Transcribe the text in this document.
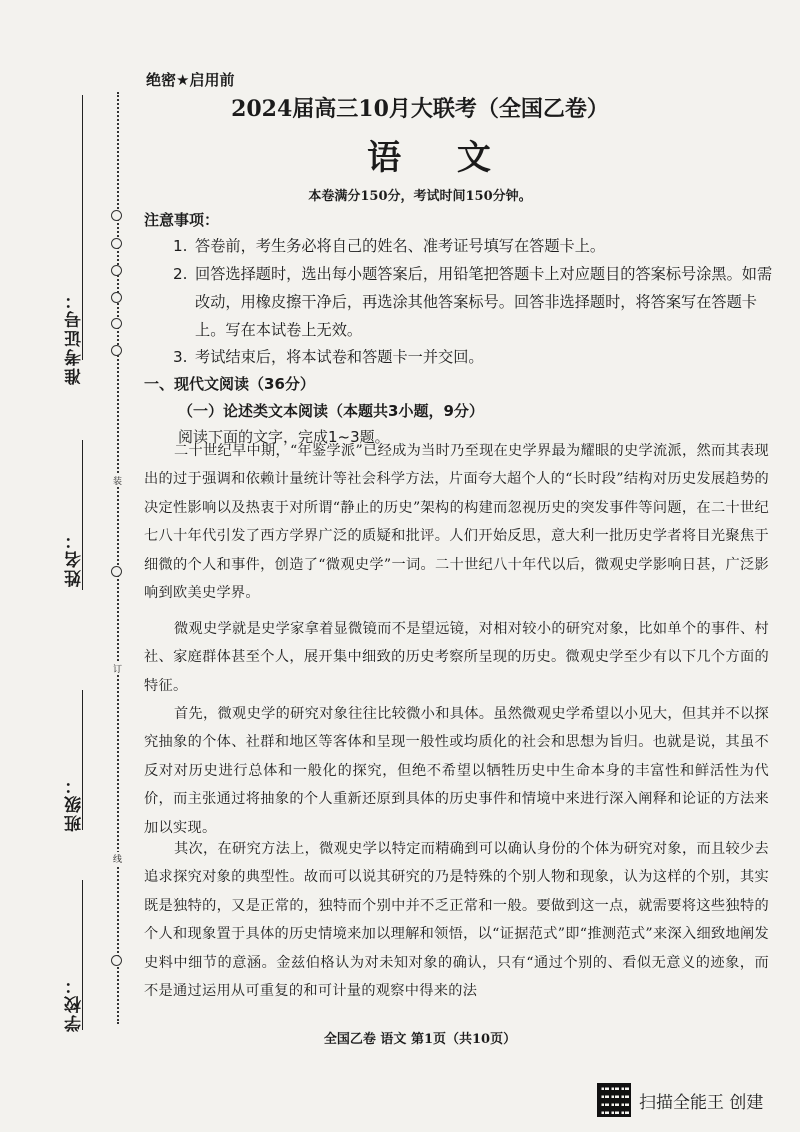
装
订
线
准考证号：
姓名：
班级：
学校：
绝密★启用前
2024届高三10月大联考（全国乙卷）
语 文
本卷满分150分，考试时间150分钟。
注意事项：
1. 答卷前，考生务必将自己的姓名、准考证号填写在答题卡上。
2. 回答选择题时，选出每小题答案后，用铅笔把答题卡上对应题目的答案标号涂黑。如需改动，用橡皮擦干净后，再选涂其他答案标号。回答非选择题时，将答案写在答题卡上。写在本试卷上无效。
3. 考试结束后，将本试卷和答题卡一并交回。
一、现代文阅读（36分）
（一）论述类文本阅读（本题共3小题，9分）
阅读下面的文字，完成1~3题。

二十世纪早中期，“年鉴学派”已经成为当时乃至现在史学界最为耀眼的史学流派，然而其表现出的过于强调和依赖计量统计等社会科学方法，片面夸大超个人的“长时段”结构对历史发展趋势的决定性影响以及热衷于对所谓“静止的历史”架构的构建而忽视历史的突发事件等问题，在二十世纪七八十年代引发了西方学界广泛的质疑和批评。人们开始反思，意大利一批历史学者将目光聚焦于细微的个人和事件，创造了“微观史学”一词。二十世纪八十年代以后，微观史学影响日甚，广泛影响到欧美史学界。

微观史学就是史学家拿着显微镜而不是望远镜，对相对较小的研究对象，比如单个的事件、村社、家庭群体甚至个人，展开集中细致的历史考察所呈现的历史。微观史学至少有以下几个方面的特征。

首先，微观史学的研究对象往往比较微小和具体。虽然微观史学希望以小见大，但其并不以探究抽象的个体、社群和地区等客体和呈现一般性或均质化的社会和思想为旨归。也就是说，其虽不反对对历史进行总体和一般化的探究，但绝不希望以牺牲历史中生命本身的丰富性和鲜活性为代价，而主张通过将抽象的个人重新还原到具体的历史事件和情境中来进行深入阐释和论证的方法来加以实现。

其次，在研究方法上，微观史学以特定而精确到可以确认身份的个体为研究对象，而且较少去追求探究对象的典型性。故而可以说其研究的乃是特殊的个别人物和现象，认为这样的个别，其实既是独特的，又是正常的，独特而个别中并不乏正常和一般。要做到这一点，就需要将这些独特的个人和现象置于具体的历史情境来加以理解和领悟，以“证据范式”即“推测范式”来深入细致地阐发史料中细节的意涵。金兹伯格认为对未知对象的确认，只有“通过个别的、看似无意义的迹象，而不是通过运用从可重复的和可计量的观察中得来的法

全国乙卷 语文 第1页（共10页）
扫描全能王 创建
